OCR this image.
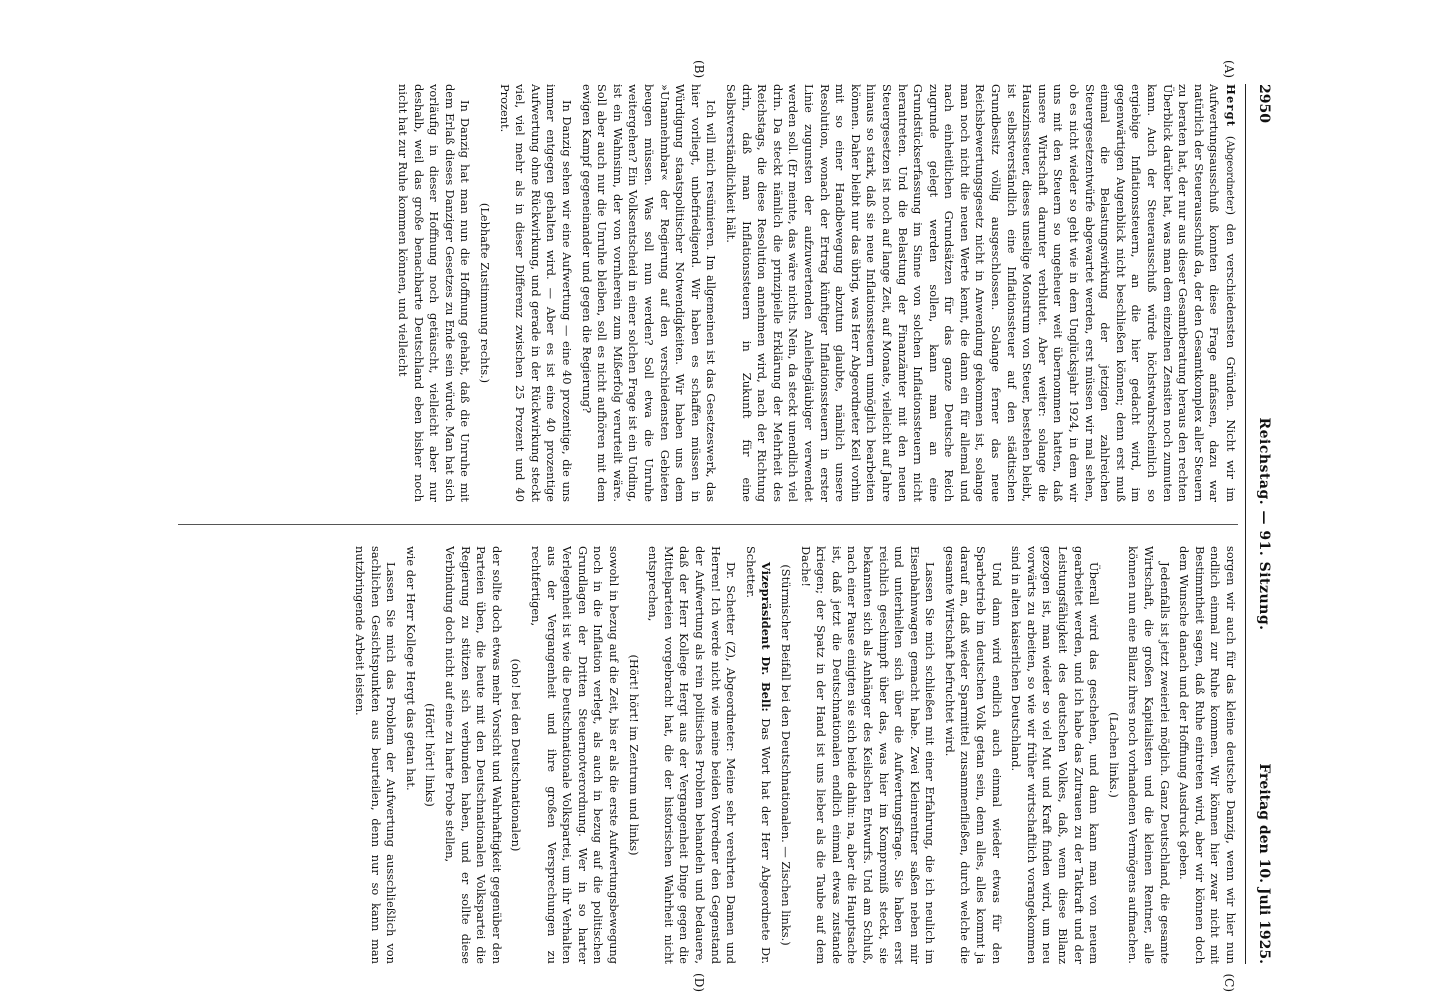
2950
Reichstag. — 91. Sitzung.
Freitag den 10. Juli 1925.
(A)
(B)
(C)
(D)

Hergt (Abgeordneter) den verschiedensten Gründen. Nicht wir im Aufwertungsausschuß konnten diese Frage anfassen, dazu war natürlich der Steuerausschuß da, der den Gesamtkomplex aller Steuern zu beraten hat, der nur aus dieser Gesamtberatung heraus den rechten Überblick darüber hat, was man dem einzelnen Zensiten noch zumuten kann. Auch der Steuerausschuß würde höchstwahrscheinlich so ergiebige Inflationssteuern, an die hier gedacht wird, im gegenwärtigen Augenblick nicht beschließen können; denn erst muß einmal die Belastungswirkung der jetzigen zahlreichen Steuergesetzentwürfe abgewartet werden, erst müssen wir mal sehen, ob es nicht wieder so geht wie in dem Unglücksjahr 1924, in dem wir uns mit den Steuern so ungeheuer weit übernommen hatten, daß unsere Wirtschaft darunter verblutet. Aber weiter: solange die Hauszinssteuer, dieses unselige Monstrum von Steuer, bestehen bleibt, ist selbstverständlich eine Inflationssteuer auf den städtischen Grundbesitz völlig ausgeschlossen. Solange ferner das neue Reichsbewertungsgesetz nicht in Anwendung gekommen ist, solange man noch nicht die neuen Werte kennt, die dann ein für allemal und nach einheitlichen Grundsätzen für das ganze Deutsche Reich zugrunde gelegt werden sollen, kann man an eine Grundstückserfassung im Sinne von solchen Inflationssteuern nicht herantreten. Und die Belastung der Finanzämter mit den neuen Steuergesetzen ist noch auf lange Zeit, auf Monate, vielleicht auf Jahre hinaus so stark, daß sie neue Inflationssteuern unmöglich bearbeiten können. Daher bleibt nur das übrig, was Herr Abgeordneter Keil vorhin mit so einer Handbewegung abzutun glaubte, nämlich unsere Resolution, wonach der Ertrag künftiger Inflationssteuern in erster Linie zugunsten der aufzuwertenden Anleihegläubiger verwendet werden soll. (Er meinte, das wäre nichts. Nein, da steckt unendlich viel drin. Da steckt nämlich die prinzipielle Erklärung der Mehrheit des Reichstags, die diese Resolution annehmen wird, nach der Richtung drin, daß man Inflationssteuern in Zukunft für eine Selbstverständlichkeit hält.

Ich will mich resümieren. Im allgemeinen ist das Gesetzeswerk, das hier vorliegt, unbefriedigend. Wir haben es schaffen müssen in Würdigung staatspolitischer Notwendigkeiten. Wir haben uns dem »Unannehmbar« der Regierung auf den verschiedensten Gebieten beugen müssen. Was soll nun werden? Soll etwa die Unruhe weitergehen? Ein Volksentscheid in einer solchen Frage ist ein Unding, ist ein Wahnsinn, der von vornherein zum Mißerfolg verurteilt wäre. Soll aber auch nur die Unruhe bleiben, soll es nicht aufhören mit dem ewigen Kampf gegeneinander und gegen die Regierung?

In Danzig sehen wir eine Aufwertung — eine 40 prozentige, die uns immer entgegen gehalten wird. — Aber es ist eine 40 prozentige Aufwertung ohne Rückwirkung, und gerade in der Rückwirkung steckt viel, viel mehr als in dieser Differenz zwischen 25 Prozent und 40 Prozent.

(Lebhafte Zustimmung rechts.)

In Danzig hat man nun die Hoffnung gehabt, daß die Unruhe mit dem Erlaß dieses Danziger Gesetzes zu Ende sein würde. Man hat sich vorläufig in dieser Hoffnung noch getäuscht, vielleicht aber nur deshalb, weil das große benachbarte Deutschland eben bisher noch nicht hat zur Ruhe kommen können, und vielleicht

sorgen wir auch für das kleine deutsche Danzig, wenn wir hier nun endlich einmal zur Ruhe kommen. Wir können hier zwar nicht mit Bestimmtheit sagen, daß Ruhe eintreten wird, aber wir können doch dem Wunsche danach und der Hoffnung Ausdruck geben.

Jedenfalls ist jetzt zweierlei möglich. Ganz Deutschland, die gesamte Wirtschaft, die großen Kapitalisten und die kleinen Rentner, alle können nun eine Bilanz ihres noch vorhandenen Vermögens aufmachen.

(Lachen links.)

Überall wird das geschehen, und dann kann man von neuem gearbeitet werden, und ich habe das Zutrauen zu der Tatkraft und der Leistungsfähigkeit des deutschen Volkes, daß, wenn diese Bilanz gezogen ist, man wieder so viel Mut und Kraft finden wird, um neu vorwärts zu arbeiten, so wie wir früher wirtschaftlich vorangekommen sind in alten kaiserlichen Deutschland.

Und dann wird endlich auch einmal wieder etwas für den Sparbetrieb im deutschen Volk getan sein, denn alles, alles kommt ja darauf an, daß wieder Sparmittel zusammenfließen, durch welche die gesamte Wirtschaft befruchtet wird.

Lassen Sie mich schließen mit einer Erfahrung, die ich neulich im Eisenbahnwagen gemacht habe. Zwei Kleinrentner saßen neben mir und unterhielten sich über die Aufwertungsfrage. Sie haben erst reichlich geschimpft über das, was hier im Kompromiß steckt, sie bekannten sich als Anhänger des Keilschen Entwurfs. Und am Schluß, nach einer Pause einigten sie sich beide dahin: na, aber die Hauptsache ist, daß jetzt die Deutschnationalen endlich einmal etwas zustande kriegen; der Spatz in der Hand ist uns lieber als die Taube auf dem Dache!

(Stürmischer Beifall bei den Deutschnationalen. — Zischen links.)

Vizepräsident Dr. Bell: Das Wort hat der Herr Abgeordnete Dr. Schetter.

Dr. Schetter (Z), Abgeordneter: Meine sehr verehrten Damen und Herren! Ich werde nicht wie meine beiden Vorredner den Gegenstand der Aufwertung als rein politisches Problem behandeln und bedauere, daß der Herr Kollege Hergt aus der Vergangenheit Dinge gegen die Mittelparteien vorgebracht hat, die der historischen Wahrheit nicht entsprechen,

(Hört! hört! im Zentrum und links)

sowohl in bezug auf die Zeit, bis er als die erste Aufwertungsbewegung noch in die Inflation verlegt, als auch in bezug auf die politischen Grundlagen der Dritten Steuernotverordnung. Wer in so harter Verlegenheit ist wie die Deutschnationale Volkspartei, um ihr Verhalten aus der Vergangenheit und ihre großen Versprechungen zu rechtfertigen,

(oho! bei den Deutschnationalen)

der sollte doch etwas mehr Vorsicht und Wahrhaftigkeit gegenüber den Parteien üben, die heute mit den Deutschnationalen Volkspartei die Regierung zu stützen sich verbunden haben, und er sollte diese Verbindung doch nicht auf eine zu harte Probe stellen,

(Hört! hört! links)

wie der Herr Kollege Hergt das getan hat.

Lassen Sie mich das Problem der Aufwertung ausschließlich von sachlichen Gesichtspunkten aus beurteilen, denn nur so kann man nutzbringende Arbeit leisten.
